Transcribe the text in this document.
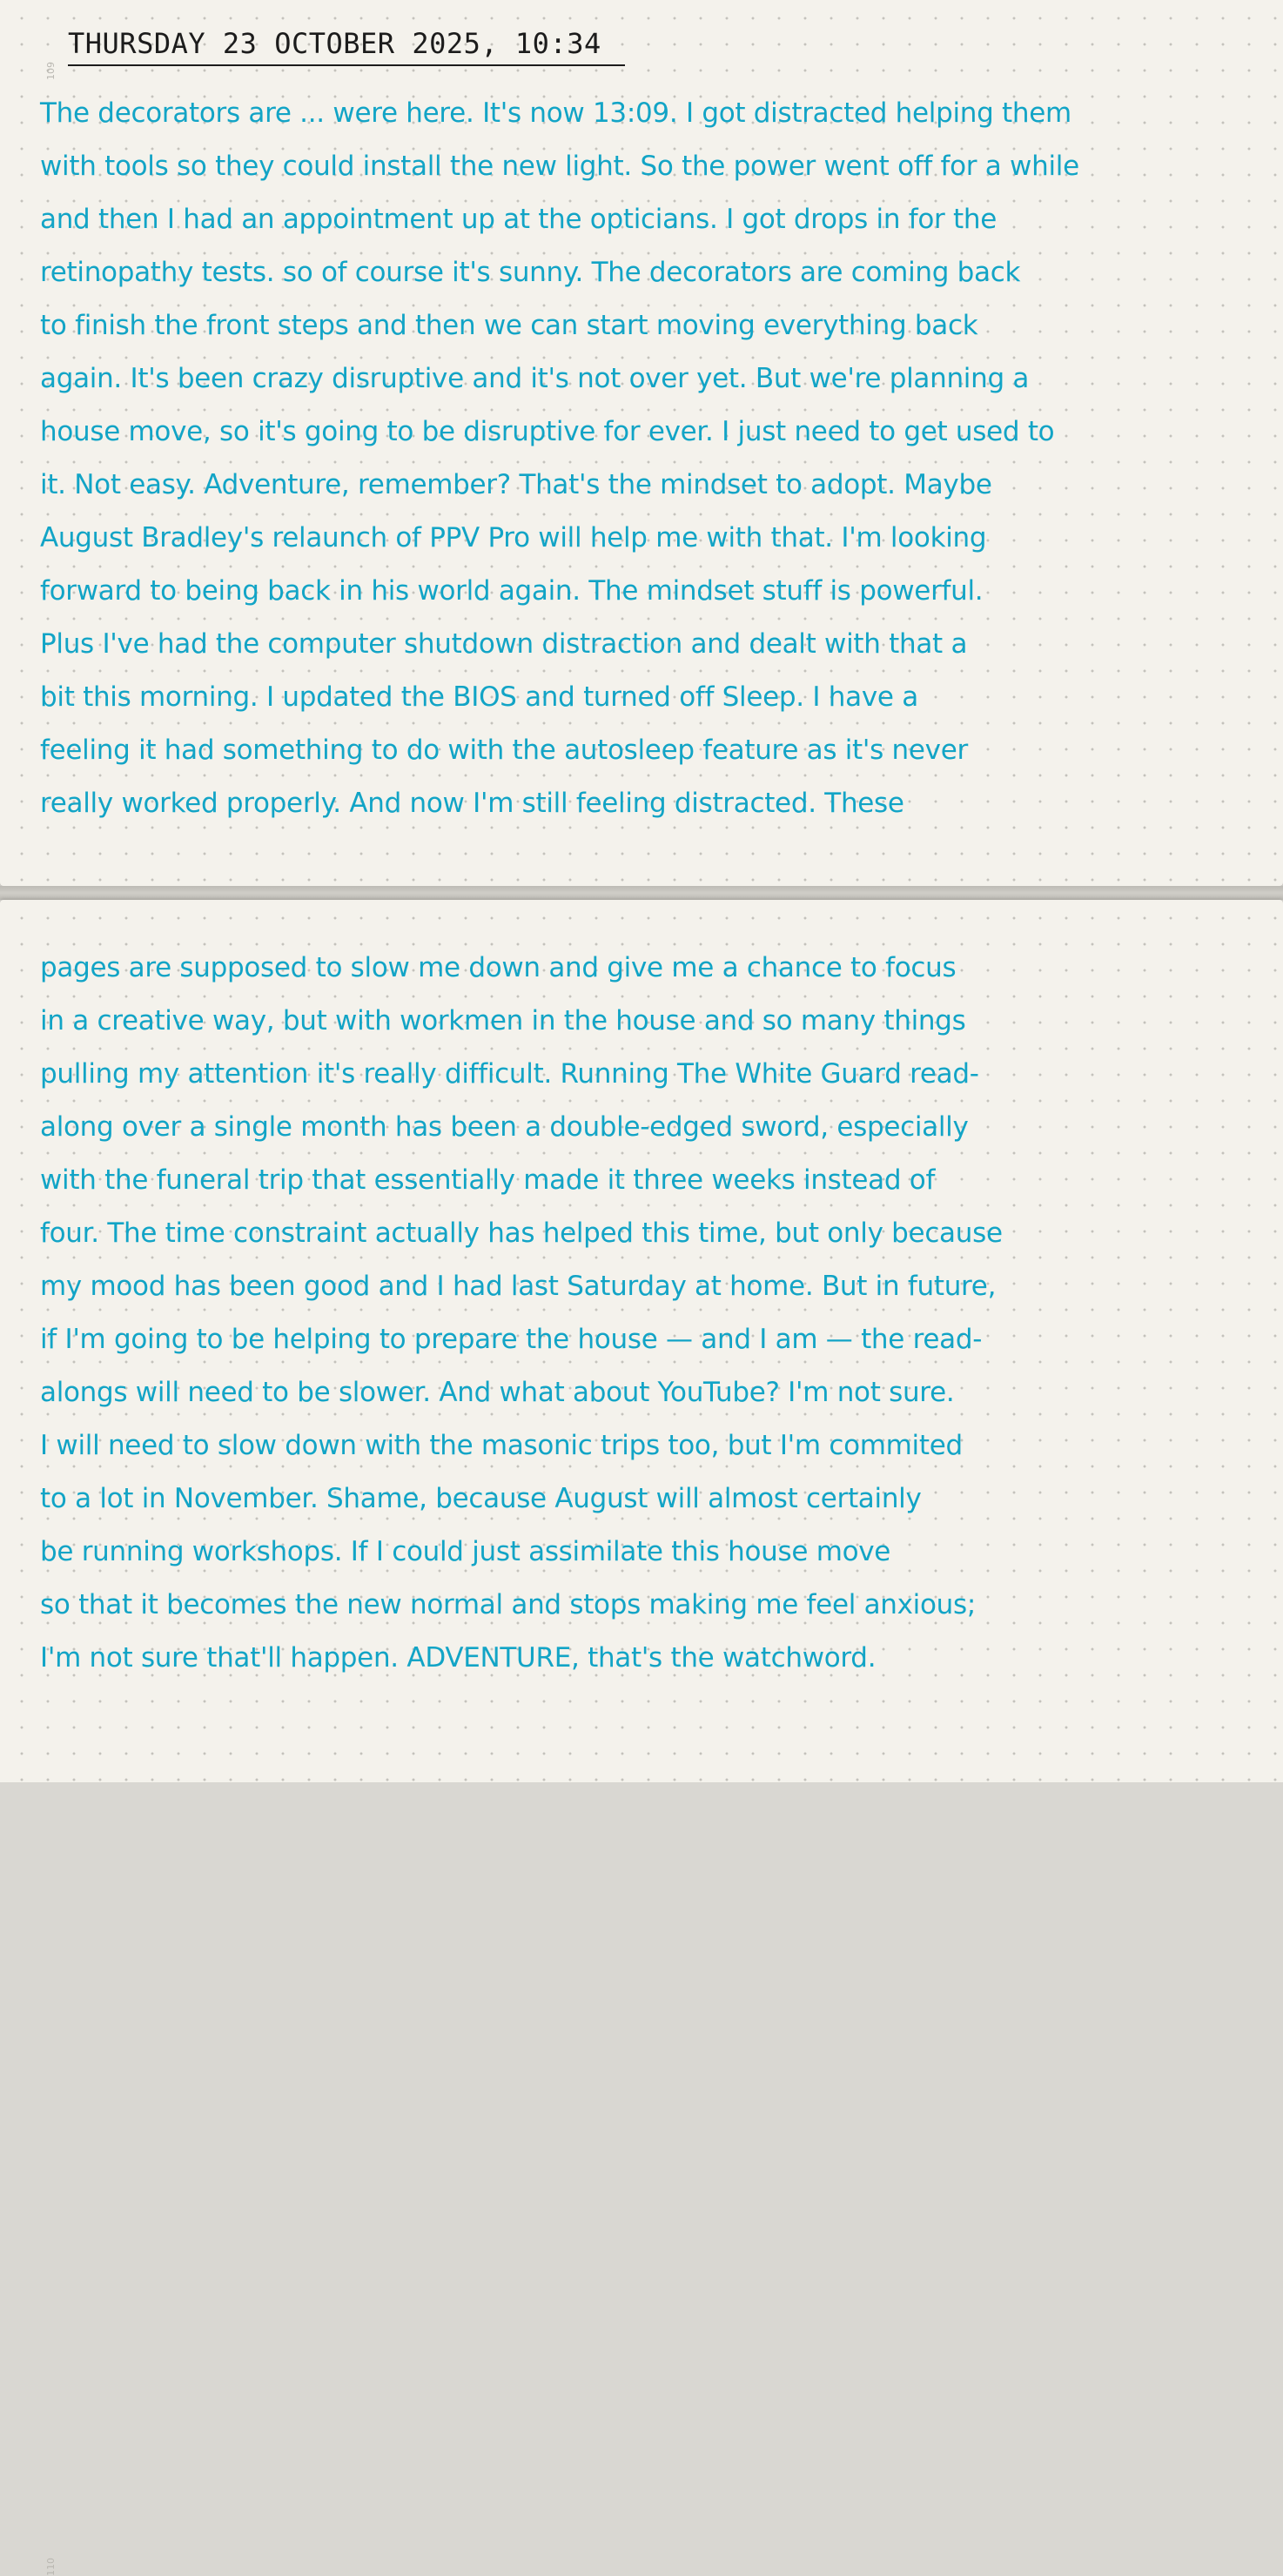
109
THURSDAY 23 OCTOBER 2025, 10:34
The decorators are ... were here. It's now 13:09. I got distracted helping them
with tools so they could install the new light. So the power went off for a while
and then I had an appointment up at the opticians. I got drops in for the
retinopathy tests. so of course it's sunny. The decorators are coming back
to finish the front steps and then we can start moving everything back
again. It's been crazy disruptive and it's not over yet. But we're planning a
house move, so it's going to be disruptive for ever. I just need to get used to
it. Not easy. Adventure, remember? That's the mindset to adopt. Maybe
August Bradley's relaunch of PPV Pro will help me with that. I'm looking
forward to being back in his world again. The mindset stuff is powerful.
Plus I've had the computer shutdown distraction and dealt with that a
bit this morning. I updated the BIOS and turned off Sleep. I have a
feeling it had something to do with the autosleep feature as it's never
really worked properly. And now I'm still feeling distracted. These
110
pages are supposed to slow me down and give me a chance to focus
in a creative way, but with workmen in the house and so many things
pulling my attention it's really difficult. Running The White Guard read-
along over a single month has been a double-edged sword, especially
with the funeral trip that essentially made it three weeks instead of
four. The time constraint actually has helped this time, but only because
my mood has been good and I had last Saturday at home. But in future,
if I'm going to be helping to prepare the house — and I am — the read-
alongs will need to be slower. And what about YouTube? I'm not sure.
I will need to slow down with the masonic trips too, but I'm commited
to a lot in November. Shame, because August will almost certainly
be running workshops. If I could just assimilate this house move
so that it becomes the new normal and stops making me feel anxious;
I'm not sure that'll happen. ADVENTURE, that's the watchword.
